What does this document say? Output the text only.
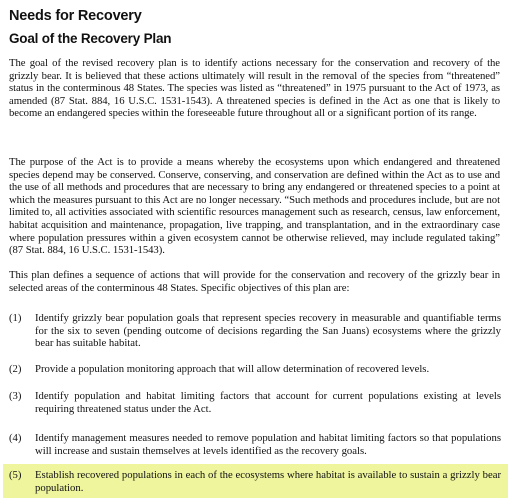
Needs for Recovery
Goal of the Recovery Plan
The goal of the revised recovery plan is to identify actions necessary for the conservation and recovery of the grizzly bear. It is believed that these actions ultimately will result in the removal of the species from “threatened” status in the conterminous 48 States. The species was listed as “threatened” in 1975 pursuant to the Act of 1973, as amended (87 Stat. 884, 16 U.S.C. 1531-1543). A threatened species is defined in the Act as one that is likely to become an endangered species within the foreseeable future throughout all or a significant portion of its range.
The purpose of the Act is to provide a means whereby the ecosystems upon which endangered and threatened species depend may be conserved. Conserve, conserving, and conservation are defined within the Act as to use and the use of all methods and procedures that are necessary to bring any endangered or threatened species to a point at which the measures pursuant to this Act are no longer necessary. “Such methods and procedures include, but are not limited to, all activities associated with scientific resources management such as research, census, law enforcement, habitat acquisition and maintenance, propagation, live trapping, and transplantation, and in the extraordinary case where population pressures within a given ecosystem cannot be otherwise relieved, may include regulated taking” (87 Stat. 884, 16 U.S.C. 1531-1543).
This plan defines a sequence of actions that will provide for the conservation and recovery of the grizzly bear in selected areas of the conterminous 48 States. Specific objectives of this plan are:
(1) Identify grizzly bear population goals that represent species recovery in measurable and quantifiable terms for the six to seven (pending outcome of decisions regarding the San Juans) ecosystems where the grizzly bear has suitable habitat.
(2) Provide a population monitoring approach that will allow determination of recovered levels.
(3) Identify population and habitat limiting factors that account for current populations existing at levels requiring threatened status under the Act.
(4) Identify management measures needed to remove population and habitat limiting factors so that populations will increase and sustain themselves at levels identified as the recovery goals.
(5) Establish recovered populations in each of the ecosystems where habitat is available to sustain a grizzly bear population.
